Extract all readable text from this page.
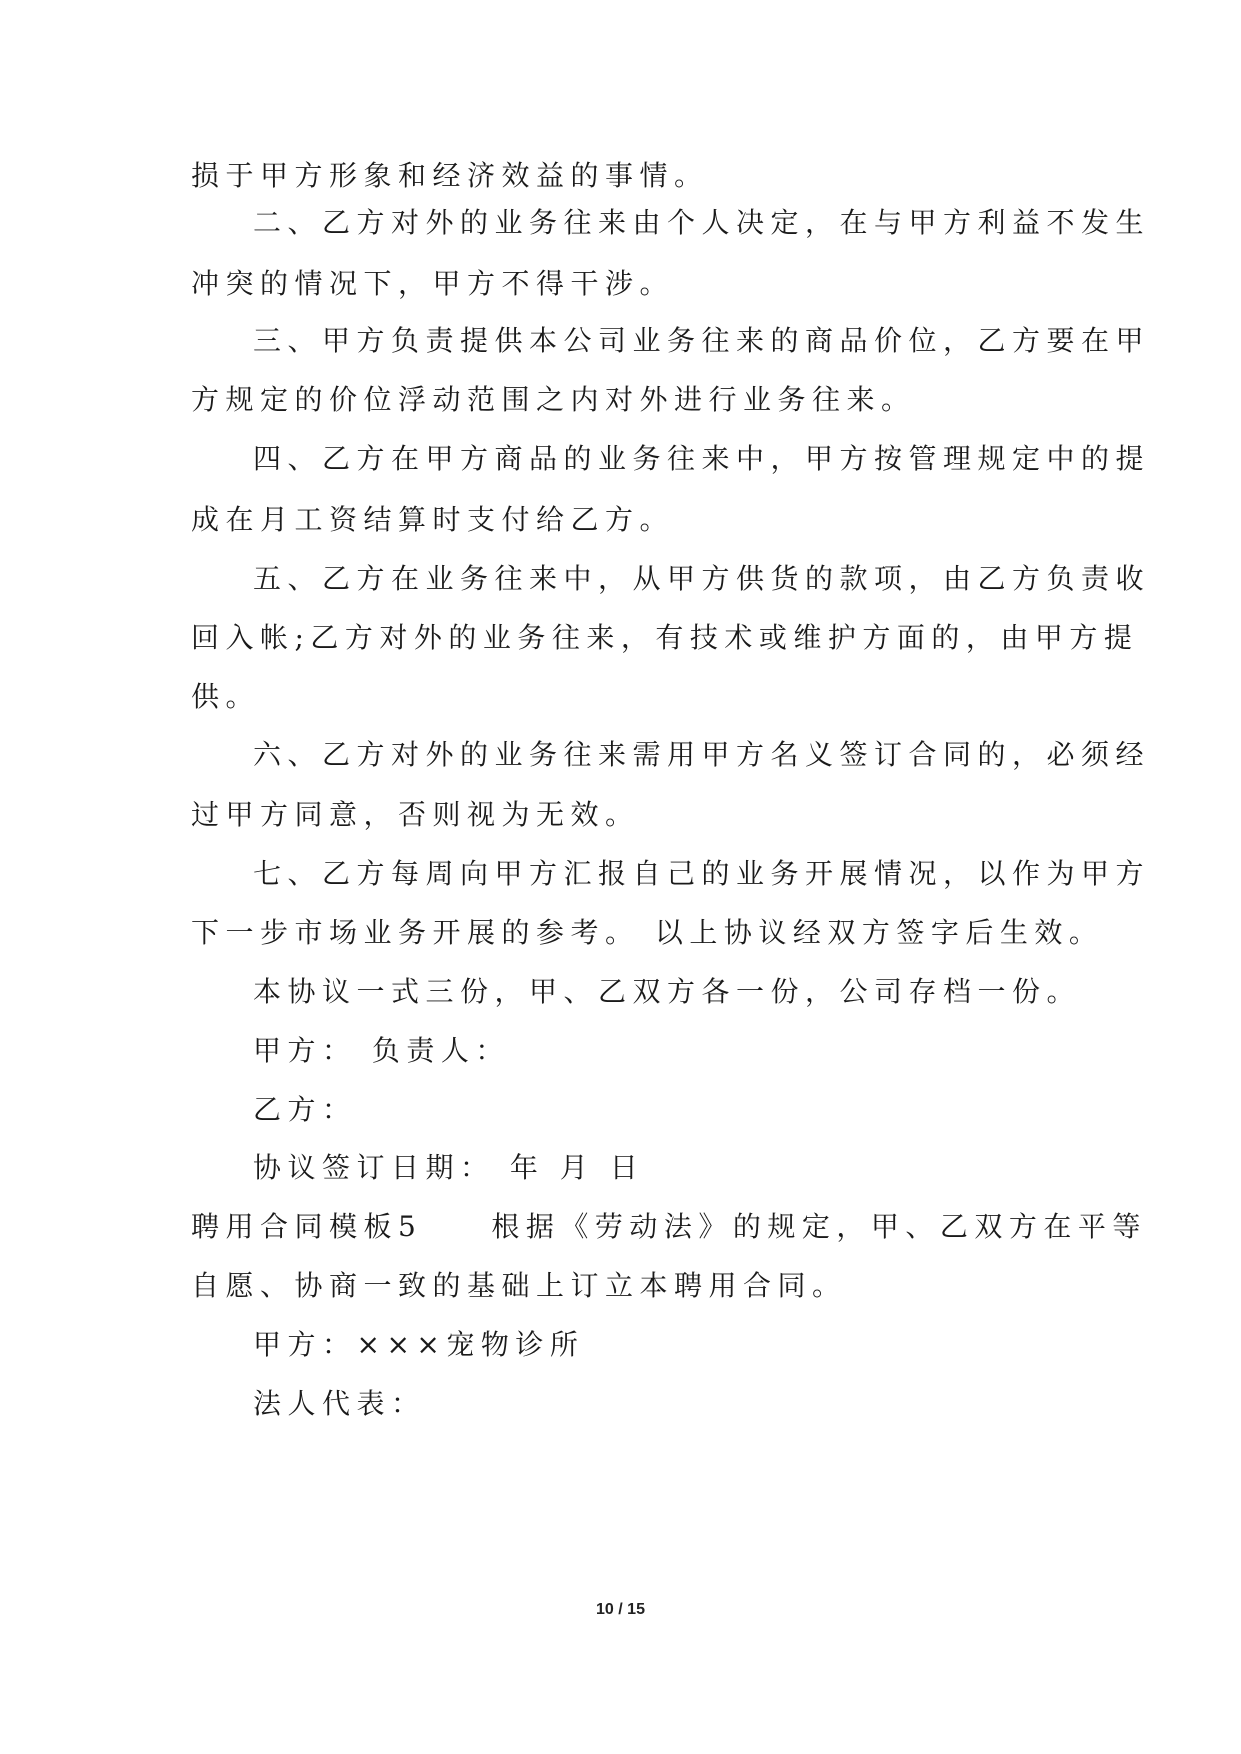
损于甲方形象和经济效益的事情。
二、乙方对外的业务往来由个人决定，在与甲方利益不发生
冲突的情况下，甲方不得干涉。
三、甲方负责提供本公司业务往来的商品价位，乙方要在甲
方规定的价位浮动范围之内对外进行业务往来。
四、乙方在甲方商品的业务往来中，甲方按管理规定中的提
成在月工资结算时支付给乙方。
五、乙方在业务往来中，从甲方供货的款项，由乙方负责收
回入帐;乙方对外的业务往来，有技术或维护方面的，由甲方提
供。
六、乙方对外的业务往来需用甲方名义签订合同的，必须经
过甲方同意，否则视为无效。
七、乙方每周向甲方汇报自己的业务开展情况，以作为甲方
下一步市场业务开展的参考。 以上协议经双方签字后生效。
本协议一式三份，甲、乙双方各一份，公司存档一份。
甲方： 负责人：
乙方：
协议签订日期： 年 月 日
聘用合同模板5　　根据《劳动法》的规定，甲、乙双方在平等
自愿、协商一致的基础上订立本聘用合同。
甲方：×××宠物诊所
法人代表：
10 / 15
